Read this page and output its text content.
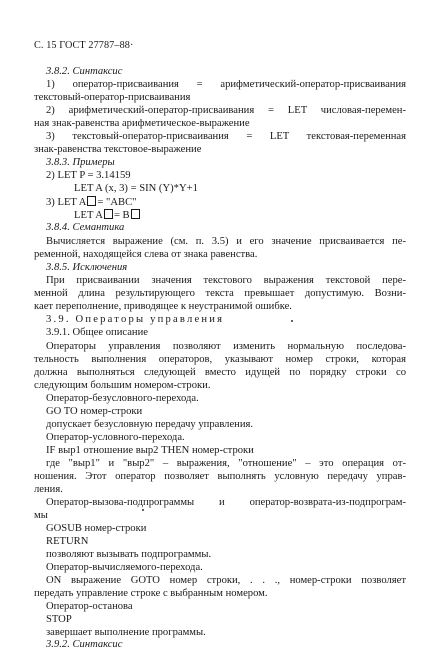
С. 15 ГОСТ 27787–88·
3.8.2. Синтаксис
1) оператор-присваивания = арифметический-оператор-присваивания
текстовый-оператор-присваивания
2) арифметический-оператор-присваивания = LET числовая-перемен-
ная знак-равенства арифметическое-выражение
3) текстовый-оператор-присваивания = LET текстовая-переменная
знак-равенства текстовое-выражение
3.8.3. Примеры
2) LET P = 3.14159
LET A (x, 3) = SIN (Y)*Y+1
3) LET A = "ABC"
LET A = B
3.8.4. Семантика
Вычисляется выражение (см. п. 3.5) и его значение присваивается пе-
ременной, находящейся слева от знака равенства.
3.8.5. Исключения
При присваивании значения текстового выражения текстовой пере-
менной длина результирующего текста превышает допустимую. Возни-
кает переполнение, приводящее к неустранимой ошибке.
3.9. Операторы управления
3.9.1. Общее описание
Операторы управления позволяют изменить нормальную последова-
тельность выполнения операторов, указывают номер строки, которая
должна выполняться следующей вместо идущей по порядку строки со
следующим большим номером-строки.
Оператор-безусловного-перехода.
GO TO номер-строки
допускает безусловную передачу управления.
Оператор-условного-перехода.
IF выр1 отношение выр2 THEN номер-строки
где "выр1" и "выр2" – выражения, "отношение" – это операция от-
ношения. Этот оператор позволяет выполнять условную передачу управ-
ления.
Оператор-вызова-подпрограммы и оператор-возврата-из-подпрограм-
мы
GOSUB номер-строки
RETURN
позволяют вызывать подпрограммы.
Оператор-вычисляемого-перехода.
ON выражение GOTO номер строки, . . ., номер-строки позволяет
передать управление строке с выбранным номером.
Оператор-останова
STOP
завершает выполнение программы.
3.9.2. Синтаксис
